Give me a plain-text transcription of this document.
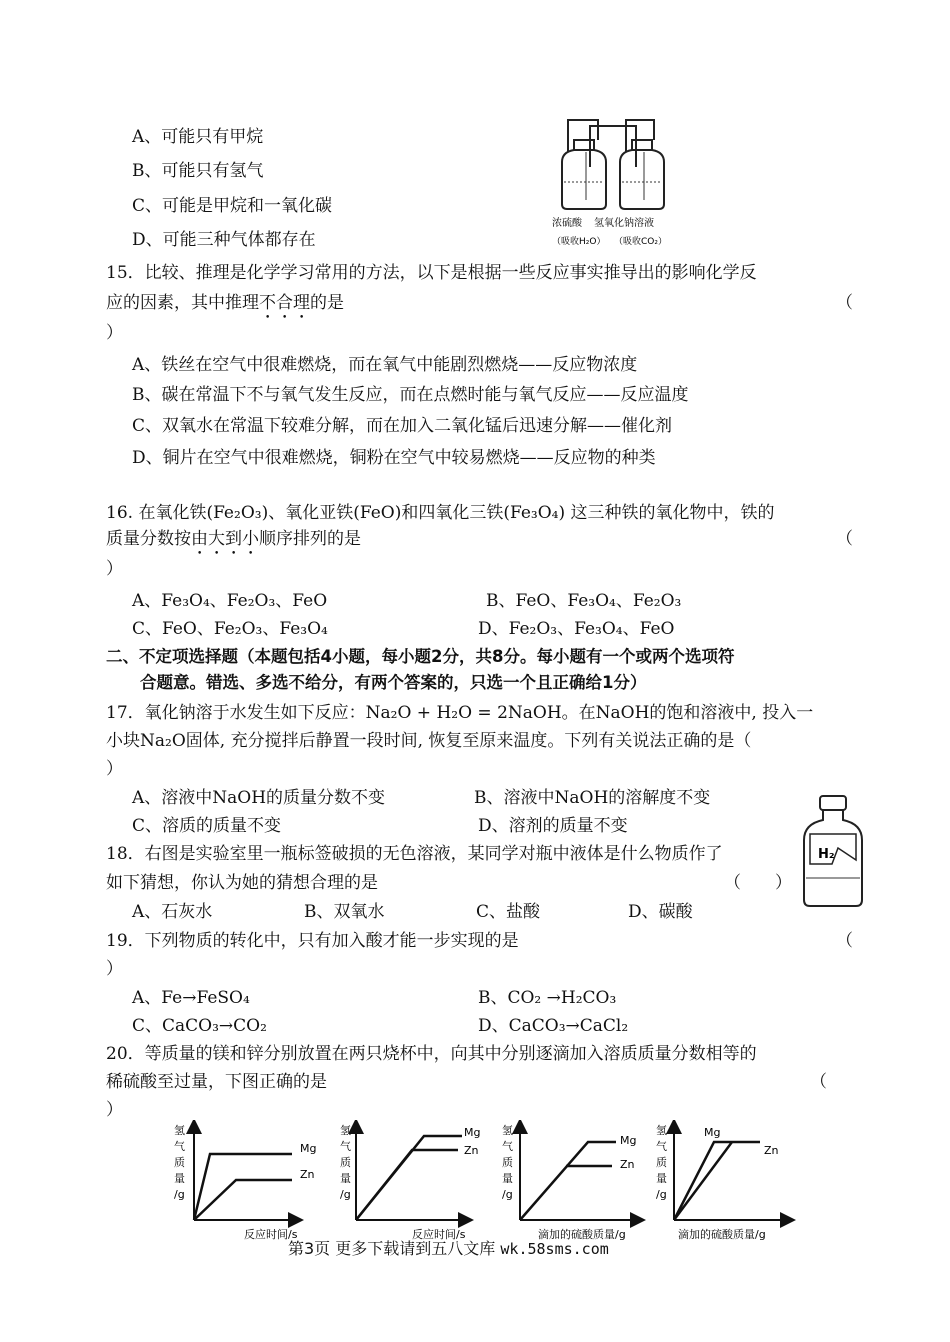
A、可能只有甲烷
B、可能只有氢气
C、可能是甲烷和一氧化碳
D、可能三种气体都存在
浓硫酸 氢氧化钠溶液
（吸收H₂O） （吸收CO₂）
15．比较、推理是化学学习常用的方法，以下是根据一些反应事实推导出的影响化学反
应的因素，其中推理不合理的是	（
）
A、铁丝在空气中很难燃烧，而在氧气中能剧烈燃烧——反应物浓度
B、碳在常温下不与氧气发生反应，而在点燃时能与氧气反应——反应温度
C、双氧水在常温下较难分解，而在加入二氧化锰后迅速分解——催化剂
D、铜片在空气中很难燃烧，铜粉在空气中较易燃烧——反应物的种类
16. 在氧化铁(Fe₂O₃)、氧化亚铁(FeO)和四氧化三铁(Fe₃O₄) 这三种铁的氧化物中，铁的
质量分数按由大到小顺序排列的是	（
）
A、Fe₃O₄、Fe₂O₃、FeO	B、FeO、Fe₃O₄、Fe₂O₃
C、FeO、Fe₂O₃、Fe₃O₄	D、Fe₂O₃、Fe₃O₄、FeO
二、不定项选择题（本题包括4小题，每小题2分，共8分。每小题有一个或两个选项符
合题意。错选、多选不给分，有两个答案的，只选一个且正确给1分）
17．氧化钠溶于水发生如下反应：Na₂O + H₂O = 2NaOH。在NaOH的饱和溶液中, 投入一
小块Na₂O固体, 充分搅拌后静置一段时间, 恢复至原来温度。下列有关说法正确的是（
）
A、溶液中NaOH的质量分数不变	B、溶液中NaOH的溶解度不变
C、溶质的质量不变	D、溶剂的质量不变
H₂
18．右图是实验室里一瓶标签破损的无色溶液，某同学对瓶中液体是什么物质作了
如下猜想，你认为她的猜想合理的是	（　　）
A、石灰水	B、双氧水	C、盐酸	D、碳酸
19．下列物质的转化中，只有加入酸才能一步实现的是	（
）
A、Fe→FeSO₄	B、CO₂ →H₂CO₃
C、CaCO₃→CO₂	D、CaCO₃→CaCl₂
20．等质量的镁和锌分别放置在两只烧杯中，向其中分别逐滴加入溶质质量分数相等的
稀硫酸至过量，下图正确的是	（
）
氢
气
质
量
/g
Mg
Zn
反应时间/s
氢
气
质
量
/g
Mg
Zn
反应时间/s
氢
气
质
量
/g
Mg
Zn
滴加的硫酸质量/g
氢
气
质
量
/g
Mg
Zn
滴加的硫酸质量/g
第3页 更多下载请到五八文库 wk.58sms.com
